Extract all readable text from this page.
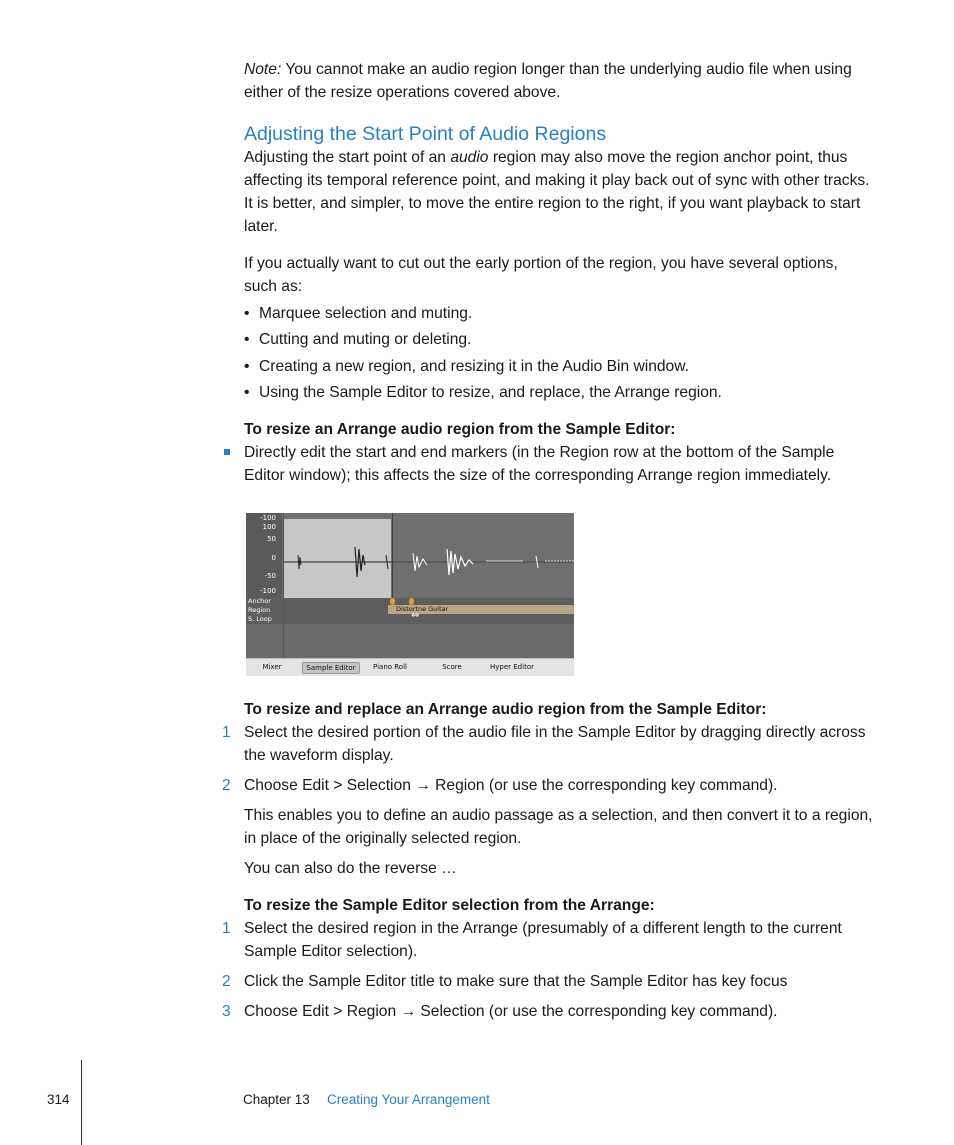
Note: You cannot make an audio region longer than the underlying audio file when using either of the resize operations covered above.

Adjusting the Start Point of Audio Regions

Adjusting the start point of an audio region may also move the region anchor point, thus affecting its temporal reference point, and making it play back out of sync with other tracks. It is better, and simpler, to move the entire region to the right, if you want playback to start later.

If you actually want to cut out the early portion of the region, you have several options, such as:

• Marquee selection and muting.
• Cutting and muting or deleting.
• Creating a new region, and resizing it in the Audio Bin window.
• Using the Sample Editor to resize, and replace, the Arrange region.

To resize an Arrange audio region from the Sample Editor:

Directly edit the start and end markers (in the Region row at the bottom of the Sample Editor window); this affects the size of the corresponding Arrange region immediately.

-100
100
50
0
-50
-100
Anchor
Region
S. Loop
Distortne Guitar
⇔
Mixer	Sample Editor	Piano Roll	Score	Hyper Editor

To resize and replace an Arrange audio region from the Sample Editor:

1 Select the desired portion of the audio file in the Sample Editor by dragging directly across the waveform display.

2 Choose Edit > Selection → Region (or use the corresponding key command).

This enables you to define an audio passage as a selection, and then convert it to a region, in place of the originally selected region.

You can also do the reverse …

To resize the Sample Editor selection from the Arrange:

1 Select the desired region in the Arrange (presumably of a different length to the current Sample Editor selection).

2 Click the Sample Editor title to make sure that the Sample Editor has key focus

3 Choose Edit > Region → Selection (or use the corresponding key command).

314	Chapter 13 Creating Your Arrangement
